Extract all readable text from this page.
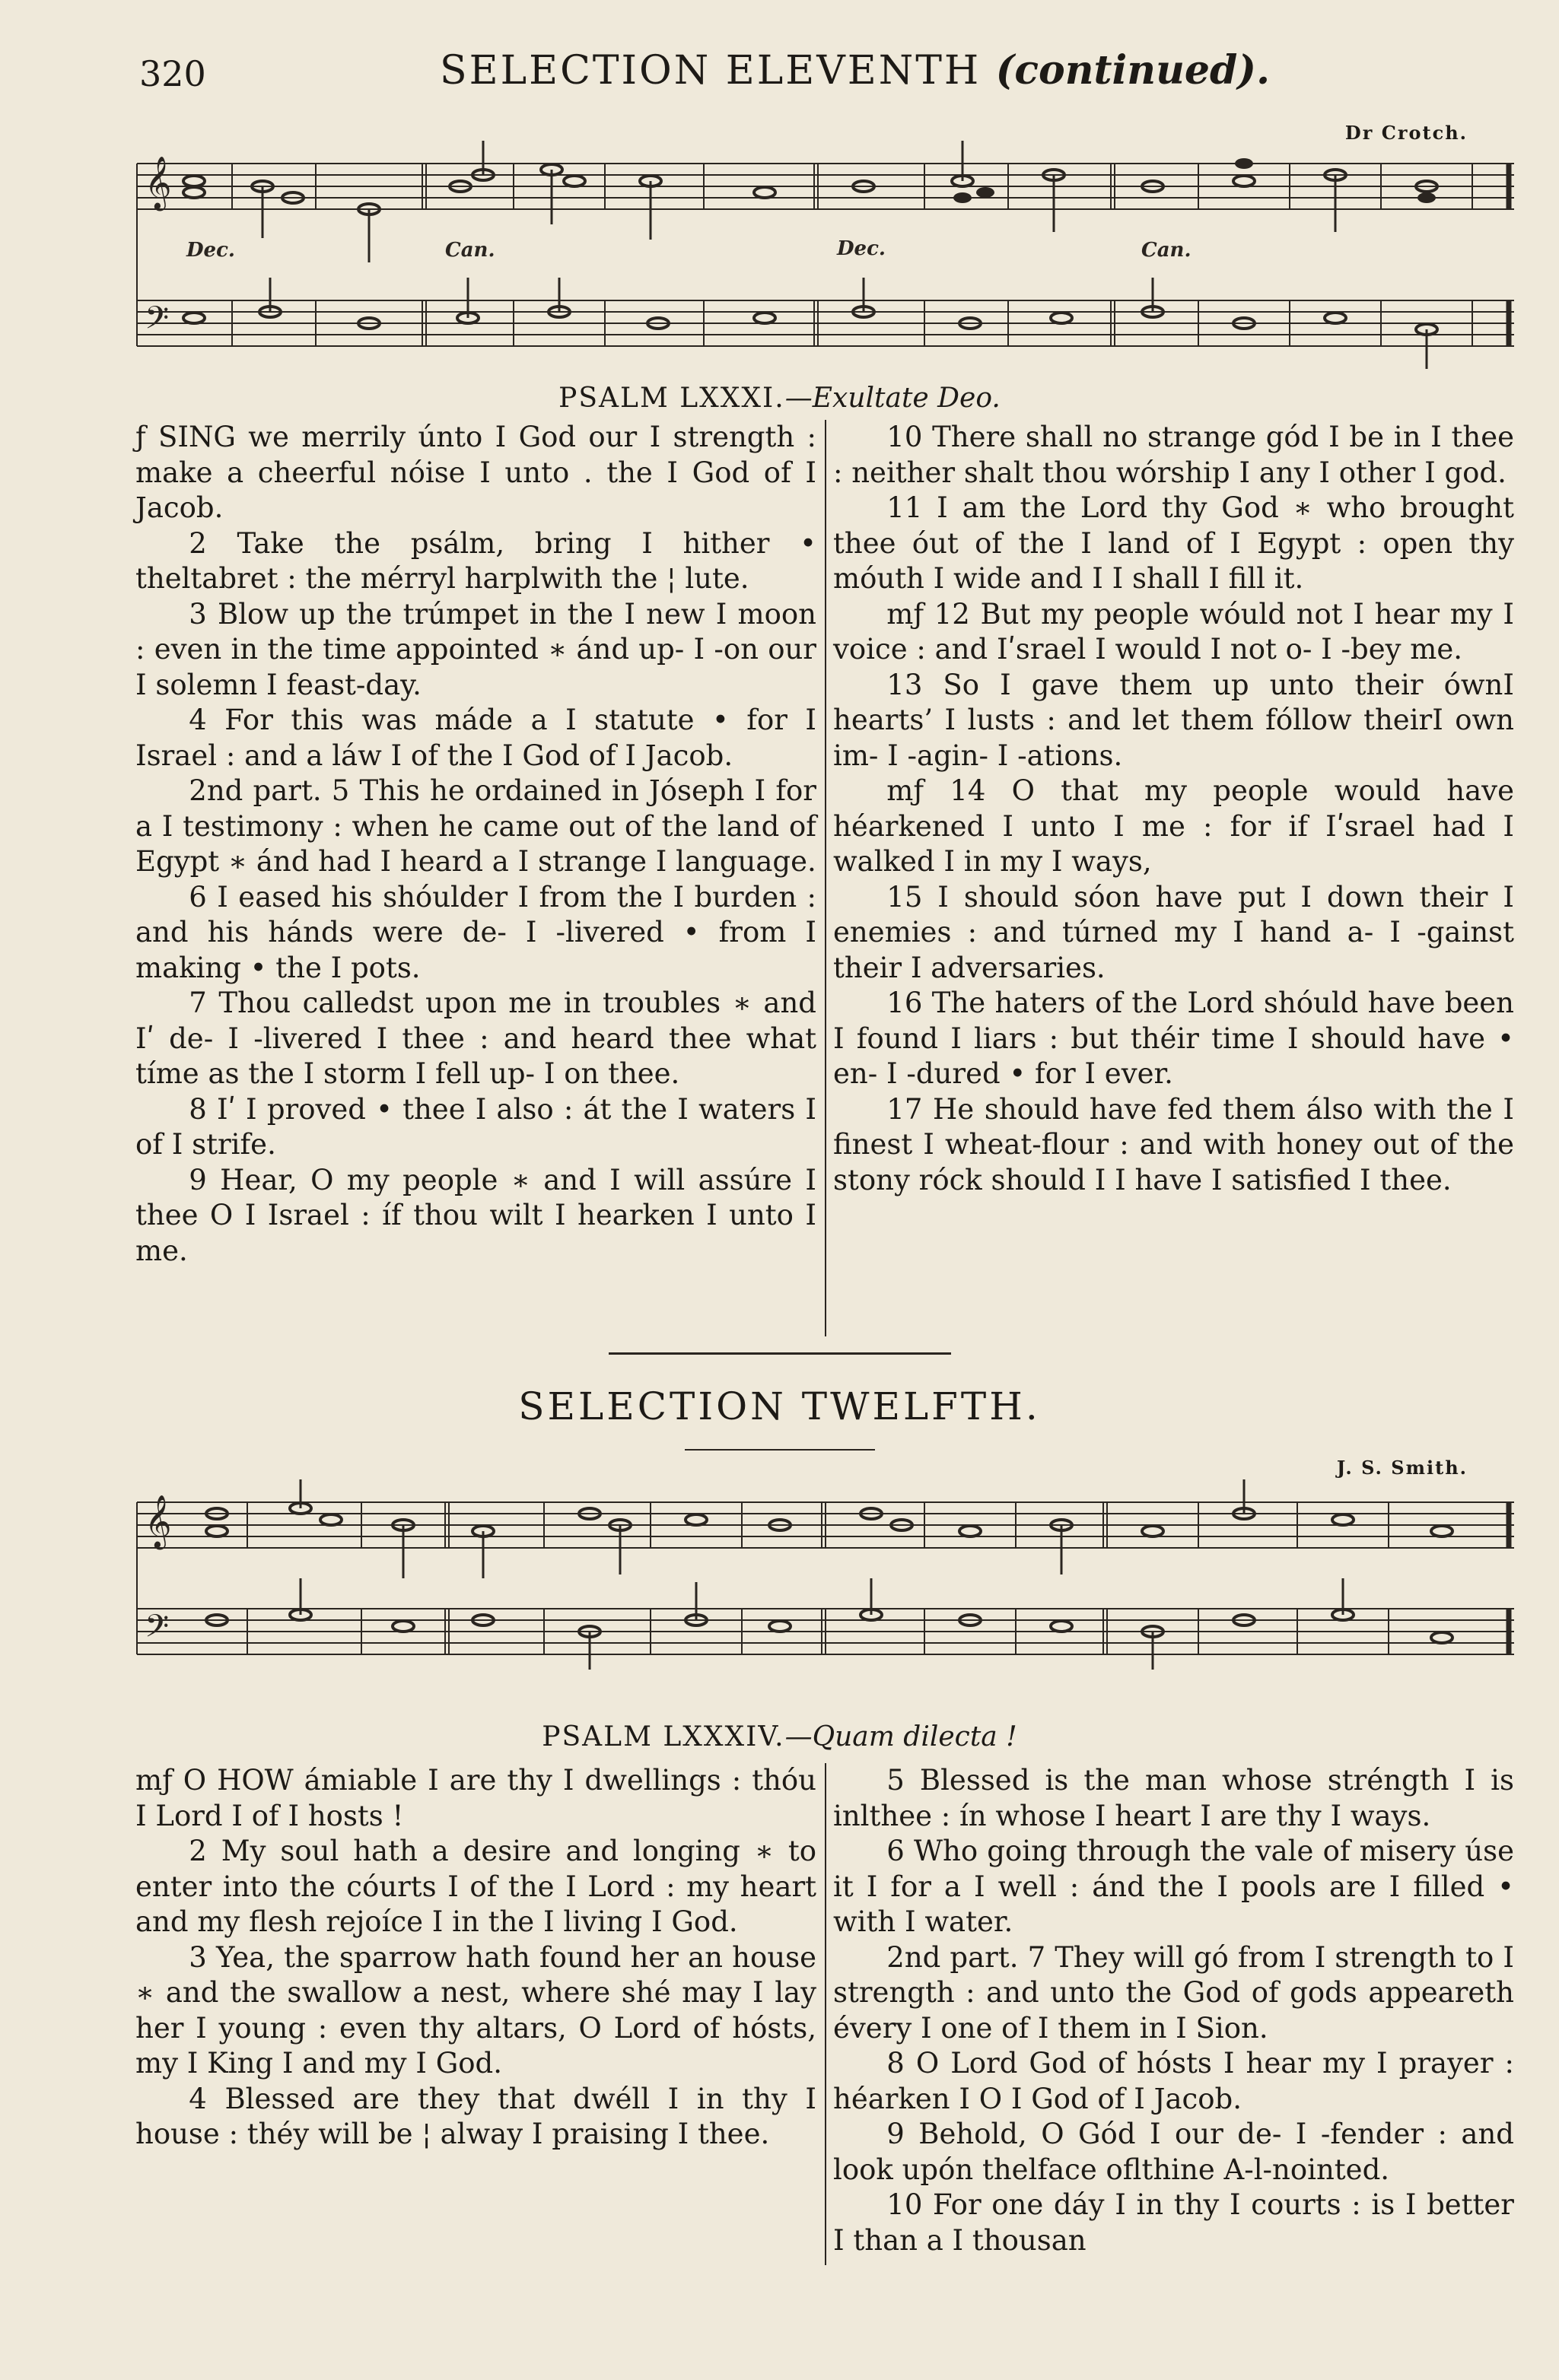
320	SELECTION ELEVENTH (continued).
Dr Crotch.
𝄞
𝄢
Dec.	Can.	Dec.	Can.
PSALM LXXXI.—Exultate Deo.

ƒ SING we merrily únto I God our I strength : make a cheerful nóise I unto . the I God of I Jacob.

2 Take the psálm, bring I hither • theltabret : the mérryl harplwith the ¦ lute.

3 Blow up the trúmpet in the I new I moon : even in the time appointed ∗ ánd up- I -on our I solemn I feast-day.

4 For this was máde a I statute • for I Israel : and a láw I of the I God of I Jacob.

2nd part. 5 This he ordained in Jóseph I for a I testimony : when he came out of the land of Egypt ∗ ánd had I heard a I strange I language.

6 I eased his shóulder I from the I burden : and his hánds were de- I -livered • from I making • the I pots.

7 Thou calledst upon me in troubles ∗ and Iʹ de- I -livered I thee : and heard thee what tíme as the I storm I fell up- I on thee.

8 Iʹ I proved • thee I also : át the I waters I of I strife.

9 Hear, O my people ∗ and I will assúre I thee O I Israel : íf thou wilt I hearken I unto I me.

10 There shall no strange gód I be in I thee : neither shalt thou wórship I any I other I god.

11 I am the Lord thy God ∗ who brought thee óut of the I land of I Egypt : open thy móuth I wide and I I shall I fill it.

mƒ 12 But my people wóuld not I hear my I voice : and Iʹsrael I would I not o- I -bey me.

13 So I gave them up unto their ównI hearts’ I lusts : and let them fóllow theirI own im- I -agin- I -ations.

mƒ 14 O that my people would have héarkened I unto I me : for if Iʹsrael had I walked I in my I ways,

15 I should sóon have put I down their I enemies : and túrned my I hand a- I -gainst their I adversaries.

16 The haters of the Lord shóuld have been I found I liars : but théir time I should have • en- I -dured • for I ever.

17 He should have fed them álso with the I finest I wheat-flour : and with honey out of the stony róck should I I have I satisfied I thee.

SELECTION TWELFTH.
J. S. Smith.
𝄞
𝄢
PSALM LXXXIV.—Quam dilecta !

mƒ O HOW ámiable I are thy I dwellings : thóu I Lord I of I hosts !

2 My soul hath a desire and longing ∗ to enter into the cóurts I of the I Lord : my heart and my flesh rejoíce I in the I living I God.

3 Yea, the sparrow hath found her an house ∗ and the swallow a nest, where shé may I lay her I young : even thy altars, O Lord of hósts, my I King I and my I God.

4 Blessed are they that dwéll I in thy I house : théy will be ¦ alway I praising I thee.

5 Blessed is the man whose stréngth I is inlthee : ín whose I heart I are thy I ways.

6 Who going through the vale of misery úse it I for a I well : ánd the I pools are I filled • with I water.

2nd part. 7 They will gó from I strength to I strength : and unto the God of gods appeareth évery I one of I them in I Sion.

8 O Lord God of hósts I hear my I prayer : héarken I O I God of I Jacob.

9 Behold, O Gód I our de- I -fender : and look upón thelface oflthine A-l-nointed.

10 For one dáy I in thy I courts : is I better I than a I thousan
